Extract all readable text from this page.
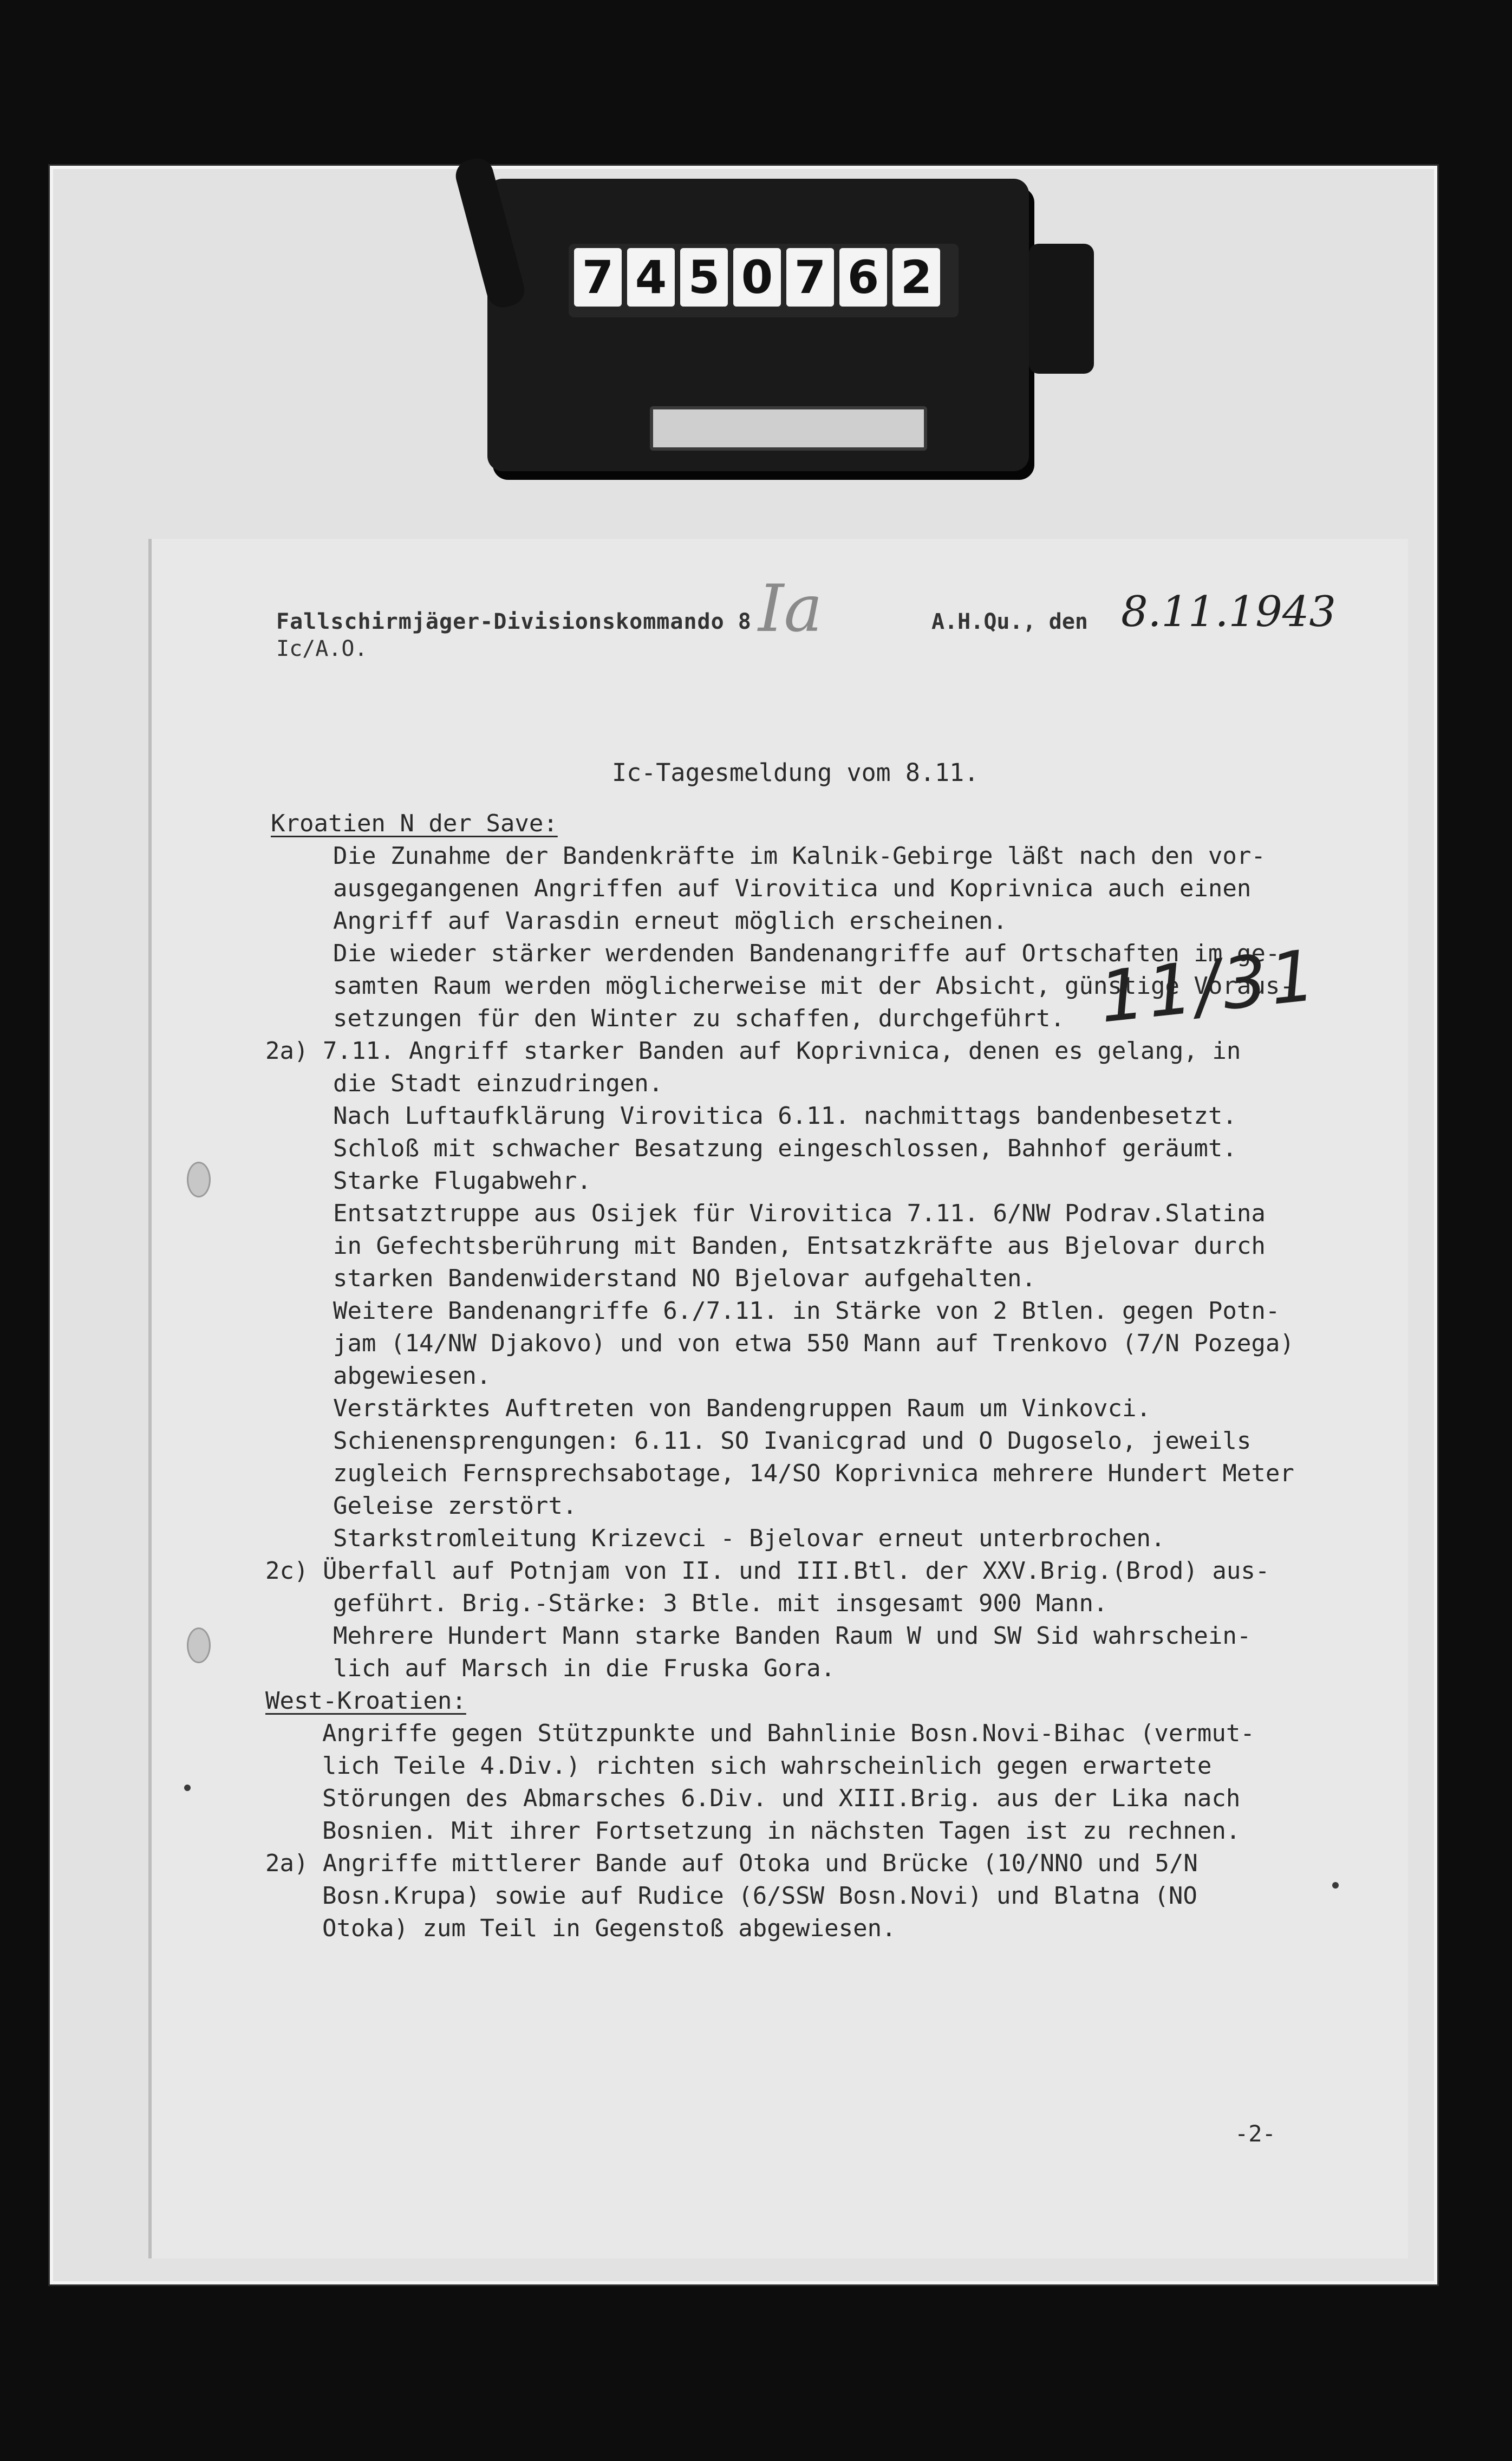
7 4 5 0 7 6 2
Ia
Fallschirmjäger-Divisionskommando 8
Ic/A.O.
A.H.Qu., den 8.11.1943
Ic-Tagesmeldung vom 8.11.
Kroatien N der Save:
Die Zunahme der Bandenkräfte im Kalnik-Gebirge läßt nach den vor-
ausgegangenen Angriffen auf Virovitica und Koprivnica auch einen
Angriff auf Varasdin erneut möglich erscheinen.
Die wieder stärker werdenden Bandenangriffe auf Ortschaften im ge-
samten Raum werden möglicherweise mit der Absicht, günstige Voraus-
setzungen für den Winter zu schaffen, durchgeführt.
2a) 7.11. Angriff starker Banden auf Koprivnica, denen es gelang, in
die Stadt einzudringen.
Nach Luftaufklärung Virovitica 6.11. nachmittags bandenbesetzt.
Schloß mit schwacher Besatzung eingeschlossen, Bahnhof geräumt.
Starke Flugabwehr.
Entsatztruppe aus Osijek für Virovitica 7.11. 6/NW Podrav.Slatina
in Gefechtsberührung mit Banden, Entsatzkräfte aus Bjelovar durch
starken Bandenwiderstand NO Bjelovar aufgehalten.
Weitere Bandenangriffe 6./7.11. in Stärke von 2 Btlen. gegen Potn-
jam (14/NW Djakovo) und von etwa 550 Mann auf Trenkovo (7/N Pozega)
abgewiesen.
Verstärktes Auftreten von Bandengruppen Raum um Vinkovci.
Schienensprengungen: 6.11. SO Ivanicgrad und O Dugoselo, jeweils
zugleich Fernsprechsabotage, 14/SO Koprivnica mehrere Hundert Meter
Geleise zerstört.
Starkstromleitung Krizevci - Bjelovar erneut unterbrochen.
2c) Überfall auf Potnjam von II. und III.Btl. der XXV.Brig.(Brod) aus-
geführt. Brig.-Stärke: 3 Btle. mit insgesamt 900 Mann.
Mehrere Hundert Mann starke Banden Raum W und SW Sid wahrschein-
lich auf Marsch in die Fruska Gora.
West-Kroatien:
Angriffe gegen Stützpunkte und Bahnlinie Bosn.Novi-Bihac (vermut-
lich Teile 4.Div.) richten sich wahrscheinlich gegen erwartete
Störungen des Abmarsches 6.Div. und XIII.Brig. aus der Lika nach
Bosnien. Mit ihrer Fortsetzung in nächsten Tagen ist zu rechnen.
2a) Angriffe mittlerer Bande auf Otoka und Brücke (10/NNO und 5/N
Bosn.Krupa) sowie auf Rudice (6/SSW Bosn.Novi) und Blatna (NO
Otoka) zum Teil in Gegenstoß abgewiesen.
11/31
-2-
